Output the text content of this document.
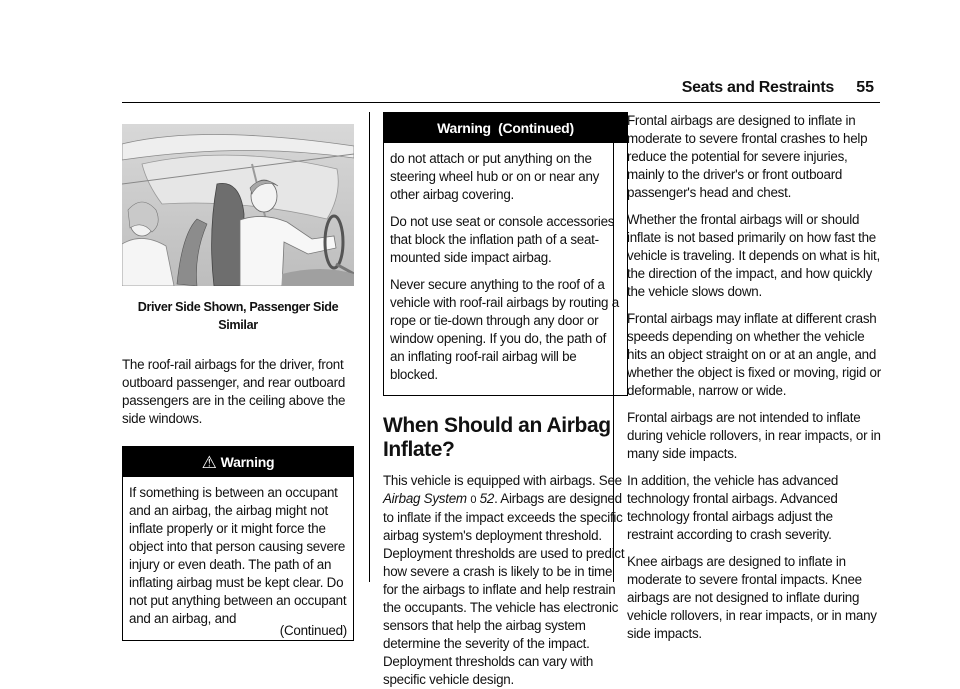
Seats and Restraints 55
Driver Side Shown, Passenger Side Similar

The roof-rail airbags for the driver, front outboard passenger, and rear outboard passengers are in the ceiling above the side windows.

⚠ Warning

If something is between an occupant and an airbag, the airbag might not inflate properly or it might force the object into that person causing severe injury or even death. The path of an inflating airbag must be kept clear. Do not put anything between an occupant and an airbag, and

(Continued)
Warning  (Continued)

do not attach or put anything on the steering wheel hub or on or near any other airbag covering.

Do not use seat or console accessories that block the inflation path of a seat-mounted side impact airbag.

Never secure anything to the roof of a vehicle with roof-rail airbags by routing a rope or tie-down through any door or window opening. If you do, the path of an inflating roof-rail airbag will be blocked.

When Should an Airbag Inflate?

This vehicle is equipped with airbags. See Airbag System 0 52. Airbags are designed to inflate if the impact exceeds the specific airbag system's deployment threshold. Deployment thresholds are used to predict how severe a crash is likely to be in time for the airbags to inflate and help restrain the occupants. The vehicle has electronic sensors that help the airbag system determine the severity of the impact. Deployment thresholds can vary with specific vehicle design.

Frontal airbags are designed to inflate in moderate to severe frontal crashes to help reduce the potential for severe injuries, mainly to the driver's or front outboard passenger's head and chest.

Whether the frontal airbags will or should inflate is not based primarily on how fast the vehicle is traveling. It depends on what is hit, the direction of the impact, and how quickly the vehicle slows down.

Frontal airbags may inflate at different crash speeds depending on whether the vehicle hits an object straight on or at an angle, and whether the object is fixed or moving, rigid or deformable, narrow or wide.

Frontal airbags are not intended to inflate during vehicle rollovers, in rear impacts, or in many side impacts.

In addition, the vehicle has advanced technology frontal airbags. Advanced technology frontal airbags adjust the restraint according to crash severity.

Knee airbags are designed to inflate in moderate to severe frontal impacts. Knee airbags are not designed to inflate during vehicle rollovers, in rear impacts, or in many side impacts.
